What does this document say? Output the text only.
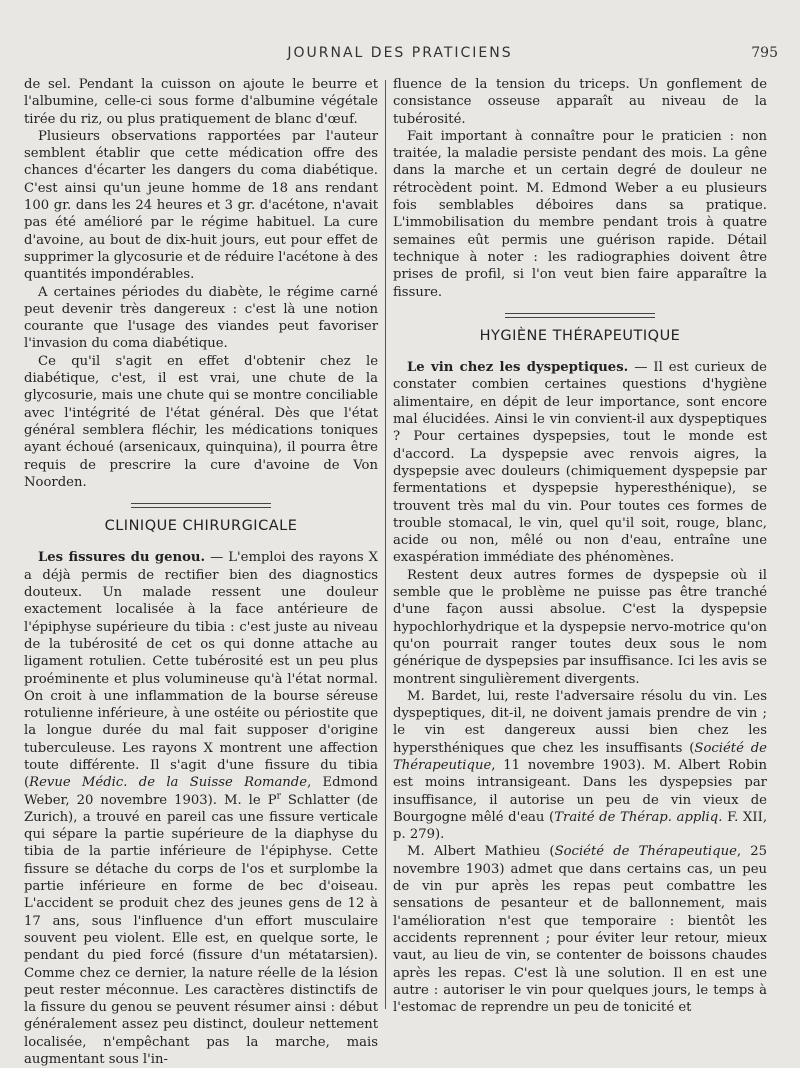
JOURNAL DES PRATICIENS	795

de sel. Pendant la cuisson on ajoute le beurre et l'albumine, celle-ci sous forme d'albumine végétale tirée du riz, ou plus pratiquement de blanc d'œuf.

Plusieurs observations rapportées par l'auteur semblent établir que cette médication offre des chances d'écarter les dangers du coma diabétique. C'est ainsi qu'un jeune homme de 18 ans rendant 100 gr. dans les 24 heures et 3 gr. d'acétone, n'avait pas été amélioré par le régime habituel. La cure d'avoine, au bout de dix-huit jours, eut pour effet de supprimer la glycosurie et de réduire l'acétone à des quantités impondérables.

A certaines périodes du diabète, le régime carné peut devenir très dangereux : c'est là une notion courante que l'usage des viandes peut favoriser l'invasion du coma diabétique.

Ce qu'il s'agit en effet d'obtenir chez le diabétique, c'est, il est vrai, une chute de la glycosurie, mais une chute qui se montre conciliable avec l'intégrité de l'état général. Dès que l'état général semblera fléchir, les médications toniques ayant échoué (arsenicaux, quinquina), il pourra être requis de prescrire la cure d'avoine de Von Noorden.

CLINIQUE CHIRURGICALE

Les fissures du genou. — L'emploi des rayons X a déjà permis de rectifier bien des diagnostics douteux. Un malade ressent une douleur exactement localisée à la face antérieure de l'épiphyse supérieure du tibia : c'est juste au niveau de la tubérosité de cet os qui donne attache au ligament rotulien. Cette tubérosité est un peu plus proéminente et plus volumineuse qu'à l'état normal. On croit à une inflammation de la bourse séreuse rotulienne inférieure, à une ostéite ou périostite que la longue durée du mal fait supposer d'origine tuberculeuse. Les rayons X montrent une affection toute différente. Il s'agit d'une fissure du tibia (Revue Médic. de la Suisse Romande, Edmond Weber, 20 novembre 1903). M. le $P^r$ Schlatter (de Zurich), a trouvé en pareil cas une fissure verticale qui sépare la partie supérieure de la diaphyse du tibia de la partie inférieure de l'épiphyse. Cette fissure se détache du corps de l'os et surplombe la partie inférieure en forme de bec d'oiseau. L'accident se produit chez des jeunes gens de 12 à 17 ans, sous l'influence d'un effort musculaire souvent peu violent. Elle est, en quelque sorte, le pendant du pied forcé (fissure d'un métatarsien). Comme chez ce dernier, la nature réelle de la lésion peut rester méconnue. Les caractères distinctifs de la fissure du genou se peuvent résumer ainsi : début généralement assez peu distinct, douleur nettement localisée, n'empêchant pas la marche, mais augmentant sous l'in-

fluence de la tension du triceps. Un gonflement de consistance osseuse apparaît au niveau de la tubérosité.

Fait important à connaître pour le praticien : non traitée, la maladie persiste pendant des mois. La gêne dans la marche et un certain degré de douleur ne rétrocèdent point. M. Edmond Weber a eu plusieurs fois semblables déboires dans sa pratique. L'immobilisation du membre pendant trois à quatre semaines eût permis une guérison rapide. Détail technique à noter : les radiographies doivent être prises de profil, si l'on veut bien faire apparaître la fissure.

HYGIÈNE THÉRAPEUTIQUE

Le vin chez les dyspeptiques. — Il est curieux de constater combien certaines questions d'hygiène alimentaire, en dépit de leur importance, sont encore mal élucidées. Ainsi le vin convient-il aux dyspeptiques ? Pour certaines dyspepsies, tout le monde est d'accord. La dyspepsie avec renvois aigres, la dyspepsie avec douleurs (chimiquement dyspepsie par fermentations et dyspepsie hyperesthénique), se trouvent très mal du vin. Pour toutes ces formes de trouble stomacal, le vin, quel qu'il soit, rouge, blanc, acide ou non, mêlé ou non d'eau, entraîne une exaspération immédiate des phénomènes.

Restent deux autres formes de dyspepsie où il semble que le problème ne puisse pas être tranché d'une façon aussi absolue. C'est la dyspepsie hypochlorhydrique et la dyspepsie nervo-motrice qu'on qu'on pourrait ranger toutes deux sous le nom générique de dyspepsies par insuffisance. Ici les avis se montrent singulièrement divergents.

M. Bardet, lui, reste l'adversaire résolu du vin. Les dyspeptiques, dit-il, ne doivent jamais prendre de vin ; le vin est dangereux aussi bien chez les hypersthéniques que chez les insuffisants (Société de Thérapeutique, 11 novembre 1903). M. Albert Robin est moins intransigeant. Dans les dyspepsies par insuffisance, il autorise un peu de vin vieux de Bourgogne mêlé d'eau (Traité de Thérap. appliq. F. XII, p. 279).

M. Albert Mathieu (Société de Thérapeutique, 25 novembre 1903) admet que dans certains cas, un peu de vin pur après les repas peut combattre les sensations de pesanteur et de ballonnement, mais l'amélioration n'est que temporaire : bientôt les accidents reprennent ; pour éviter leur retour, mieux vaut, au lieu de vin, se contenter de boissons chaudes après les repas. C'est là une solution. Il en est une autre : autoriser le vin pour quelques jours, le temps à l'estomac de reprendre un peu de tonicité et
